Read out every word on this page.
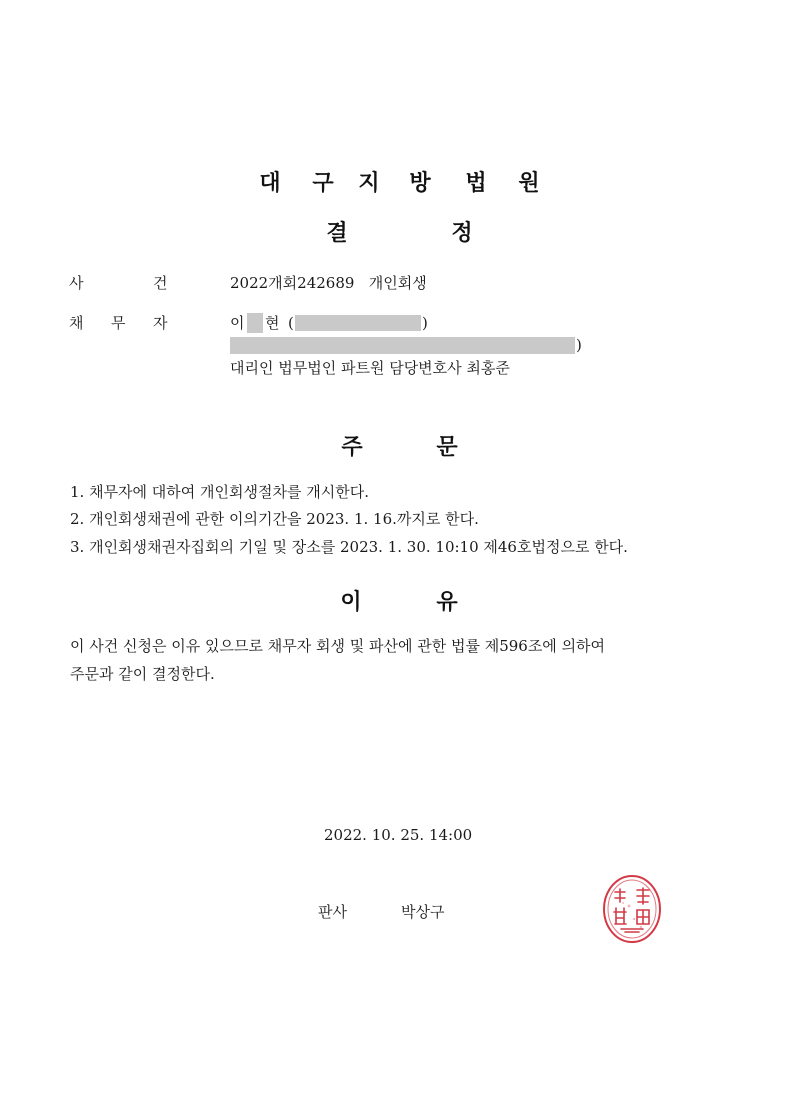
대 구 지 방 법 원
결	정
사	건	2022개회242689   개인회생
채 무 자	이 현 (	)
)
대리인 법무법인 파트원 담당변호사 최홍준
주	문
1. 채무자에 대하여 개인회생절차를 개시한다.
2. 개인회생채권에 관한 이의기간을 2023. 1. 16.까지로 한다.
3. 개인회생채권자집회의 기일 및 장소를 2023. 1. 30. 10:10 제46호법정으로 한다.
이	유
이 사건 신청은 이유 있으므로 채무자 회생 및 파산에 관한 법률 제596조에 의하여
주문과 같이 결정한다.
2022. 10. 25. 14:00
판사	박상구
